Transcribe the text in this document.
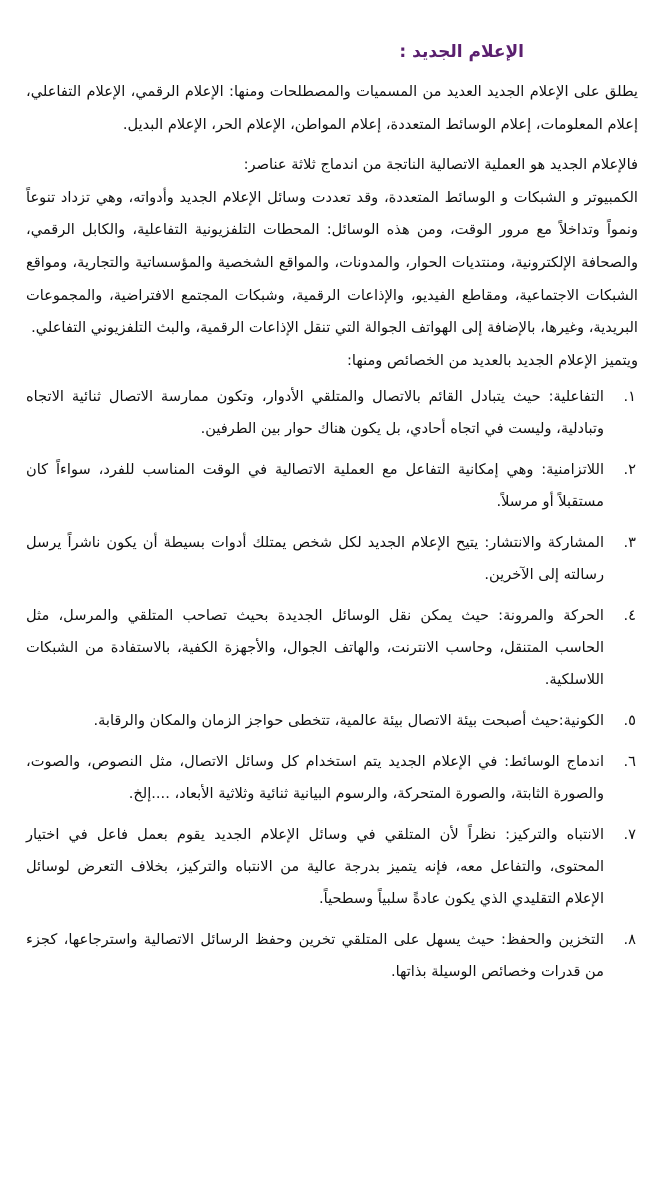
الإعلام الجديد :

يطلق على الإعلام الجديد العديد من المسميات والمصطلحات ومنها: الإعلام الرقمي، الإعلام التفاعلي، إعلام المعلومات، إعلام الوسائط المتعددة، إعلام المواطن، الإعلام الحر، الإعلام البديل.

فالإعلام الجديد هو العملية الاتصالية الناتجة من اندماج ثلاثة عناصر:

الكمبيوتر و الشبكات و الوسائط المتعددة، وقد تعددت وسائل الإعلام الجديد وأدواته، وهي تزداد تنوعاً ونمواً وتداخلاً مع مرور الوقت، ومن هذه الوسائل: المحطات التلفزيونية التفاعلية، والكابل الرقمي، والصحافة الإلكترونية، ومنتديات الحوار، والمدونات، والمواقع الشخصية والمؤسساتية والتجارية، ومواقع الشبكات الاجتماعية، ومقاطع الفيديو، والإذاعات الرقمية، وشبكات المجتمع الافتراضية، والمجموعات البريدية، وغيرها، بالإضافة إلى الهواتف الجوالة التي تنقل الإذاعات الرقمية، والبث التلفزيوني التفاعلي.

ويتميز الإعلام الجديد بالعديد من الخصائص ومنها:

١.
التفاعلية: حيث يتبادل القائم بالاتصال والمتلقي الأدوار، وتكون ممارسة الاتصال ثنائية الاتجاه وتبادلية، وليست في اتجاه أحادي، بل يكون هناك حوار بين الطرفين.
٢.
اللاتزامنية: وهي إمكانية التفاعل مع العملية الاتصالية في الوقت المناسب للفرد، سواءاً كان مستقبلاً أو مرسلاً.
٣.
المشاركة والانتشار: يتيح الإعلام الجديد لكل شخص يمتلك أدوات بسيطة أن يكون ناشراً يرسل رسالته إلى الآخرين.
٤.
الحركة والمرونة: حيث يمكن نقل الوسائل الجديدة بحيث تصاحب المتلقي والمرسل، مثل الحاسب المتنقل، وحاسب الانترنت، والهاتف الجوال، والأجهزة الكفية، بالاستفادة من الشبكات اللاسلكية.
٥.
الكونية:حيث أصبحت بيئة الاتصال بيئة عالمية، تتخطى حواجز الزمان والمكان والرقابة.
٦.
اندماج الوسائط: في الإعلام الجديد يتم استخدام كل وسائل الاتصال، مثل النصوص، والصوت، والصورة الثابتة، والصورة المتحركة، والرسوم البيانية ثنائية وثلاثية الأبعاد، ....إلخ.
٧.
الانتباه والتركيز: نظراً لأن المتلقي في وسائل الإعلام الجديد يقوم بعمل فاعل في اختيار المحتوى، والتفاعل معه، فإنه يتميز بدرجة عالية من الانتباه والتركيز، بخلاف التعرض لوسائل الإعلام التقليدي الذي يكون عادةً سلبياً وسطحياً.
٨.
التخزين والحفظ: حيث يسهل على المتلقي تخرين وحفظ الرسائل الاتصالية واسترجاعها، كجزء من قدرات وخصائص الوسيلة بذاتها.
